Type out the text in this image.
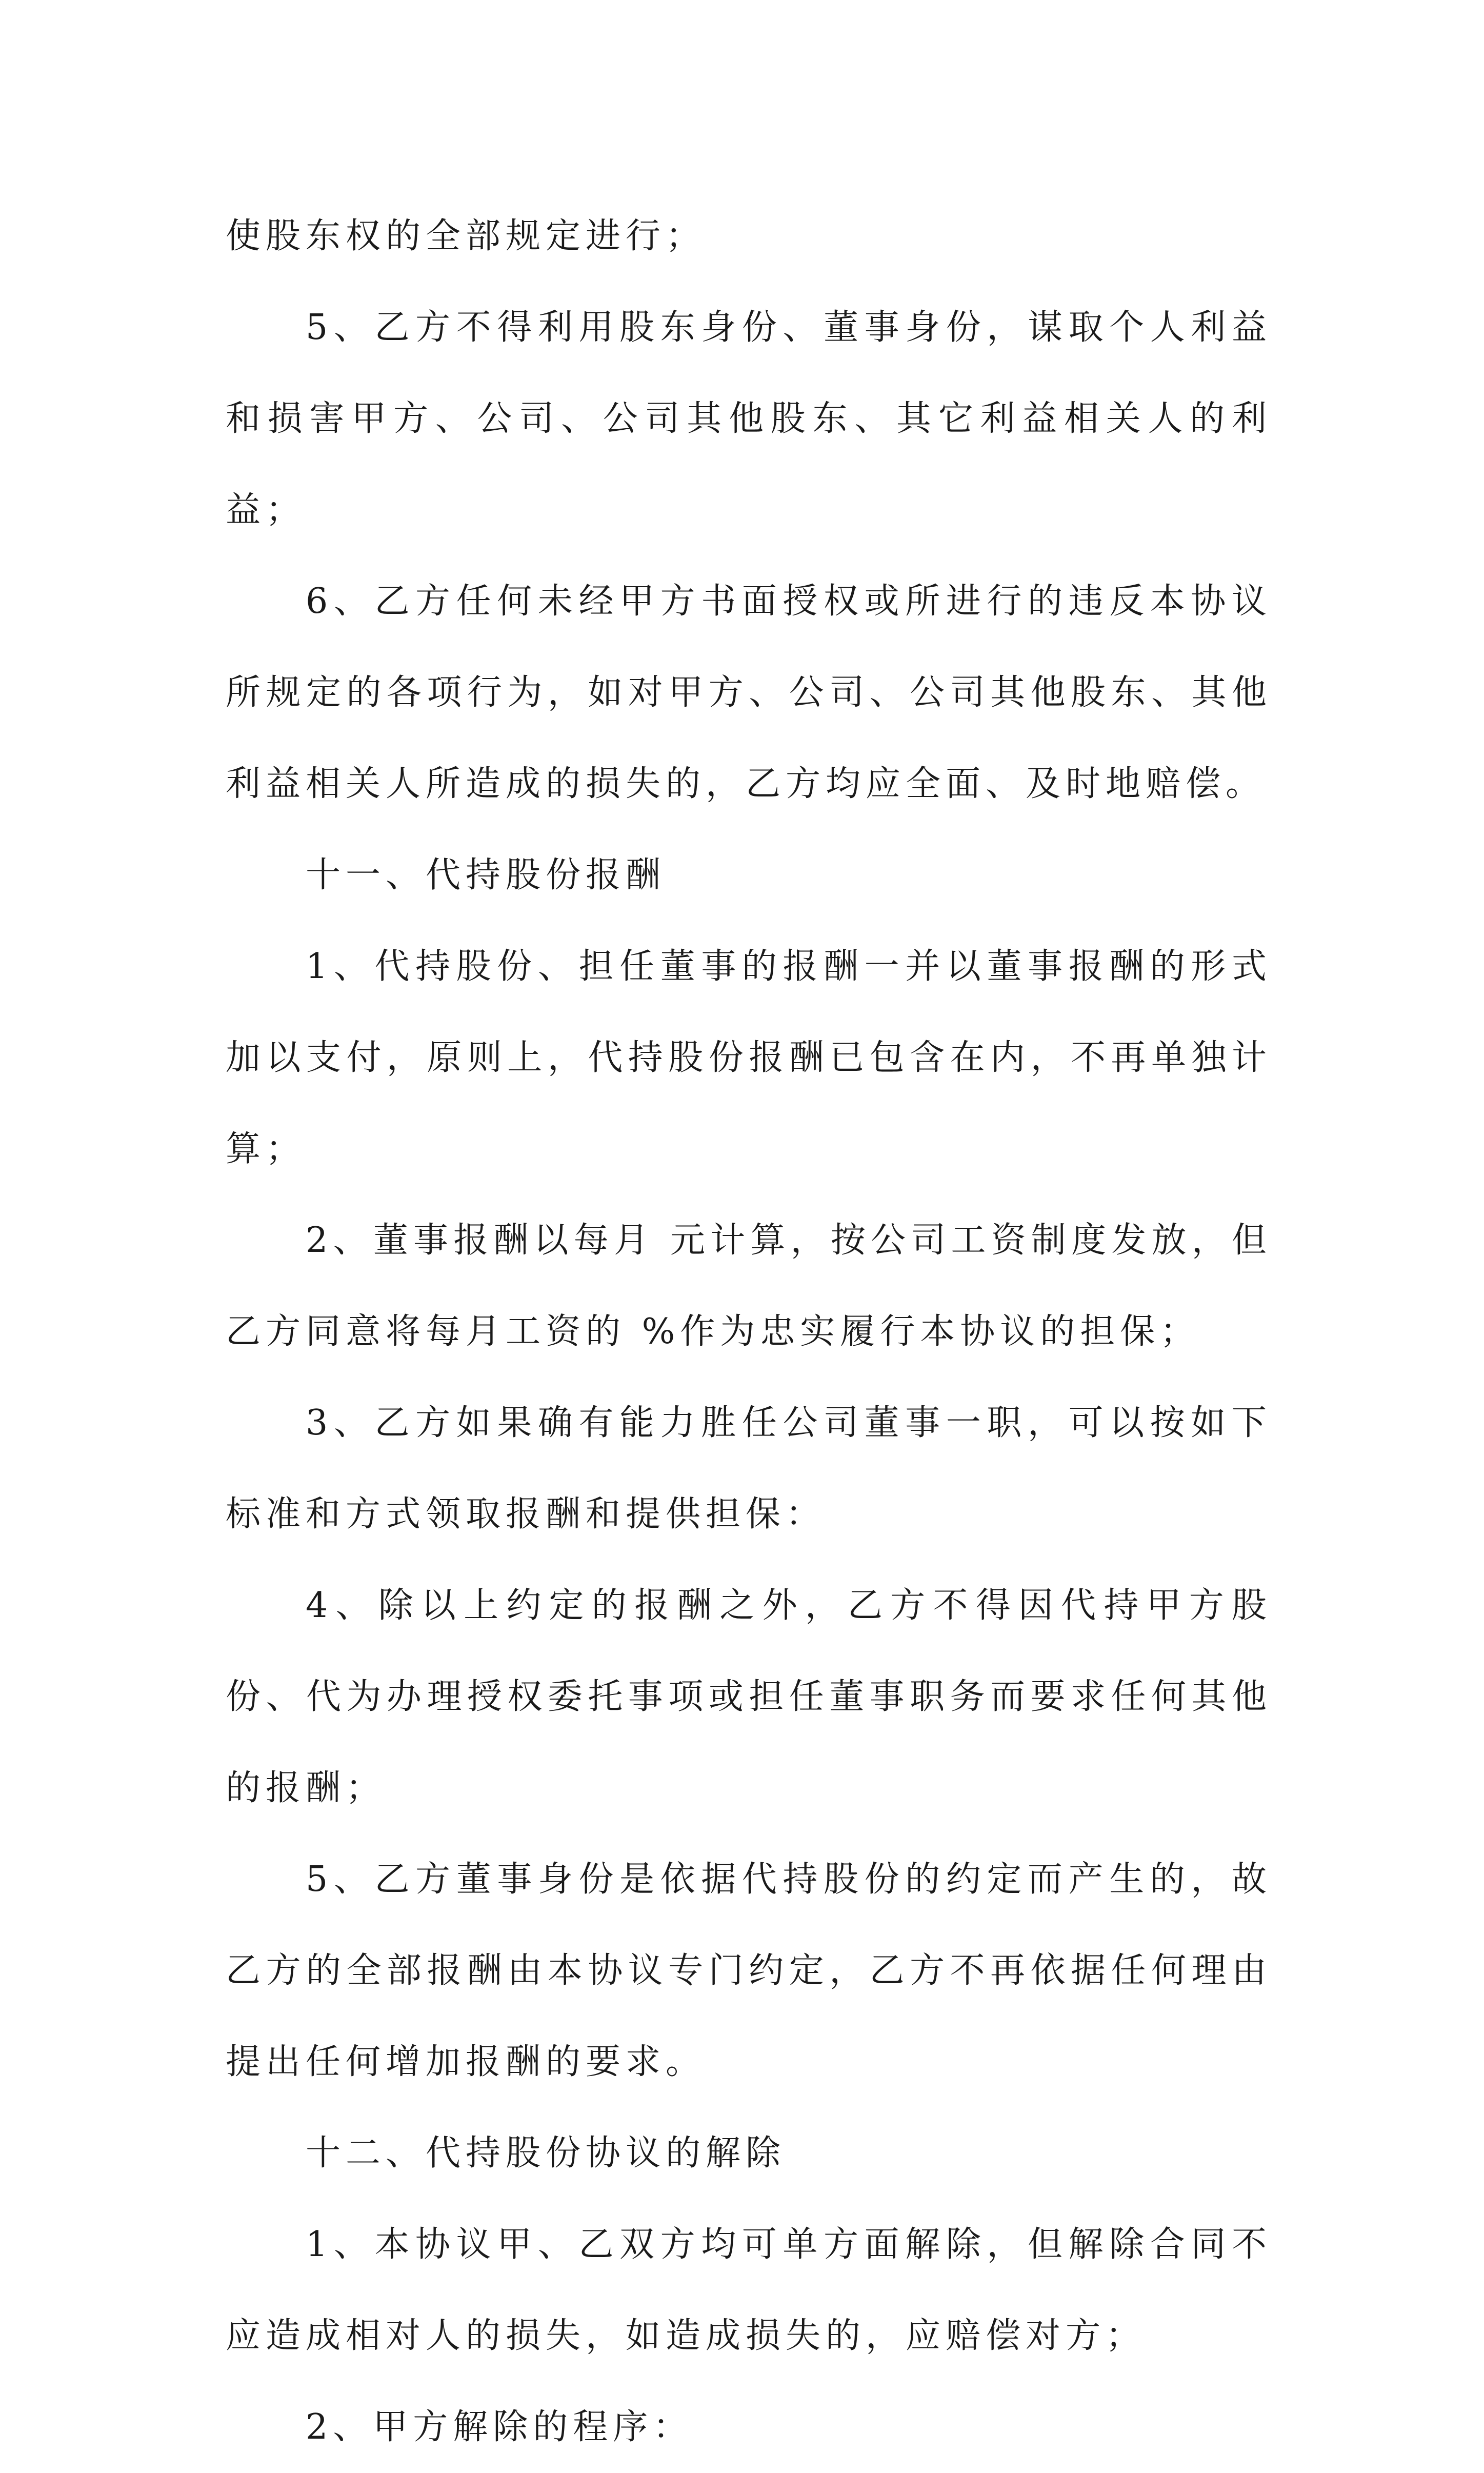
使股东权的全部规定进行；

5、乙方不得利用股东身份、董事身份，谋取个人利益和损害甲方、公司、公司其他股东、其它利益相关人的利益；

6、乙方任何未经甲方书面授权或所进行的违反本协议所规定的各项行为，如对甲方、公司、公司其他股东、其他利益相关人所造成的损失的，乙方均应全面、及时地赔偿。

十一、代持股份报酬

1、代持股份、担任董事的报酬一并以董事报酬的形式加以支付，原则上，代持股份报酬已包含在内，不再单独计算；

2、董事报酬以每月 元计算，按公司工资制度发放，但乙方同意将每月工资的 %作为忠实履行本协议的担保；

3、乙方如果确有能力胜任公司董事一职，可以按如下标准和方式领取报酬和提供担保：

4、除以上约定的报酬之外，乙方不得因代持甲方股份、代为办理授权委托事项或担任董事职务而要求任何其他的报酬；

5、乙方董事身份是依据代持股份的约定而产生的，故乙方的全部报酬由本协议专门约定，乙方不再依据任何理由提出任何增加报酬的要求。

十二、代持股份协议的解除

1、本协议甲、乙双方均可单方面解除，但解除合同不应造成相对人的损失，如造成损失的，应赔偿对方；

2、甲方解除的程序：
